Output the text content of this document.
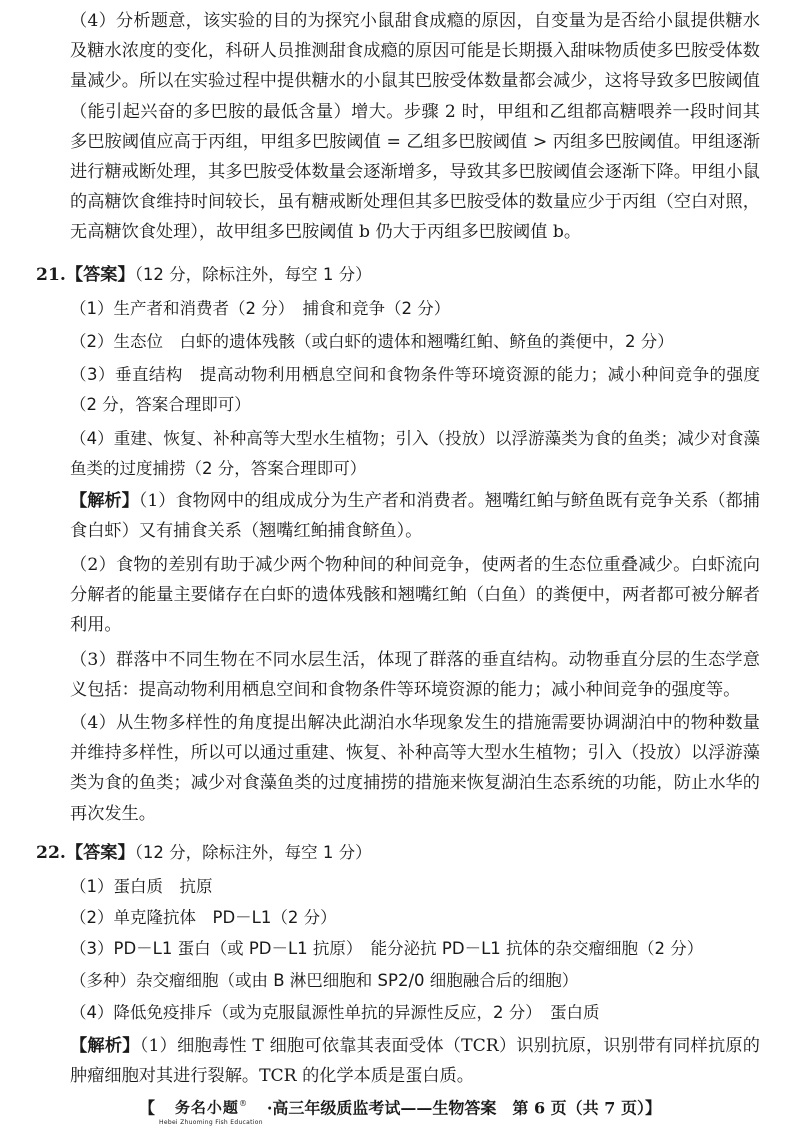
（4）分析题意，该实验的目的为探究小鼠甜食成瘾的原因，自变量为是否给小鼠提供糖水及糖水浓度的变化，科研人员推测甜食成瘾的原因可能是长期摄入甜味物质使多巴胺受体数量减少。所以在实验过程中提供糖水的小鼠其巴胺受体数量都会减少，这将导致多巴胺阈值（能引起兴奋的多巴胺的最低含量）增大。步骤 2 时，甲组和乙组都高糖喂养一段时间其多巴胺阈值应高于丙组，甲组多巴胺阈值 = 乙组多巴胺阈值 > 丙组多巴胺阈值。甲组逐渐进行糖戒断处理，其多巴胺受体数量会逐渐增多，导致其多巴胺阈值会逐渐下降。甲组小鼠的高糖饮食维持时间较长，虽有糖戒断处理但其多巴胺受体的数量应少于丙组（空白对照，无高糖饮食处理），故甲组多巴胺阈值 b 仍大于丙组多巴胺阈值 b。

21.【答案】（12 分，除标注外，每空 1 分）

（1）生产者和消费者（2 分）　捕食和竞争（2 分）

（2）生态位　白虾的遗体残骸（或白虾的遗体和翘嘴红鲌、鲚鱼的粪便中，2 分）

（3）垂直结构　提高动物利用栖息空间和食物条件等环境资源的能力；减小种间竞争的强度（2 分，答案合理即可）

（4）重建、恢复、补种高等大型水生植物；引入（投放）以浮游藻类为食的鱼类；减少对食藻鱼类的过度捕捞（2 分，答案合理即可）

【解析】（1）食物网中的组成成分为生产者和消费者。翘嘴红鲌与鲚鱼既有竞争关系（都捕食白虾）又有捕食关系（翘嘴红鲌捕食鲚鱼）。

（2）食物的差别有助于减少两个物种间的种间竞争，使两者的生态位重叠减少。白虾流向分解者的能量主要储存在白虾的遗体残骸和翘嘴红鲌（白鱼）的粪便中，两者都可被分解者利用。

（3）群落中不同生物在不同水层生活，体现了群落的垂直结构。动物垂直分层的生态学意义包括：提高动物利用栖息空间和食物条件等环境资源的能力；减小种间竞争的强度等。

（4）从生物多样性的角度提出解决此湖泊水华现象发生的措施需要协调湖泊中的物种数量并维持多样性，所以可以通过重建、恢复、补种高等大型水生植物；引入（投放）以浮游藻类为食的鱼类；减少对食藻鱼类的过度捕捞的措施来恢复湖泊生态系统的功能，防止水华的再次发生。

22.【答案】（12 分，除标注外，每空 1 分）

（1）蛋白质　抗原

（2）单克隆抗体　PD－L1（2 分）

（3）PD－L1 蛋白（或 PD－L1 抗原）　能分泌抗 PD－L1 抗体的杂交瘤细胞（2 分）

（多种）杂交瘤细胞（或由 B 淋巴细胞和 SP2/0 细胞融合后的细胞）

（4）降低免疫排斥（或为克服鼠源性单抗的异源性反应，2 分）　蛋白质

【解析】（1）细胞毒性 T 细胞可依靠其表面受体（TCR）识别抗原，识别带有同样抗原的肿瘤细胞对其进行裂解。TCR 的化学本质是蛋白质。

【 务名小题®
Hebei Zhuoming Fish Education
·高三年级质监考试——生物答案　第 6 页（共 7 页）】
